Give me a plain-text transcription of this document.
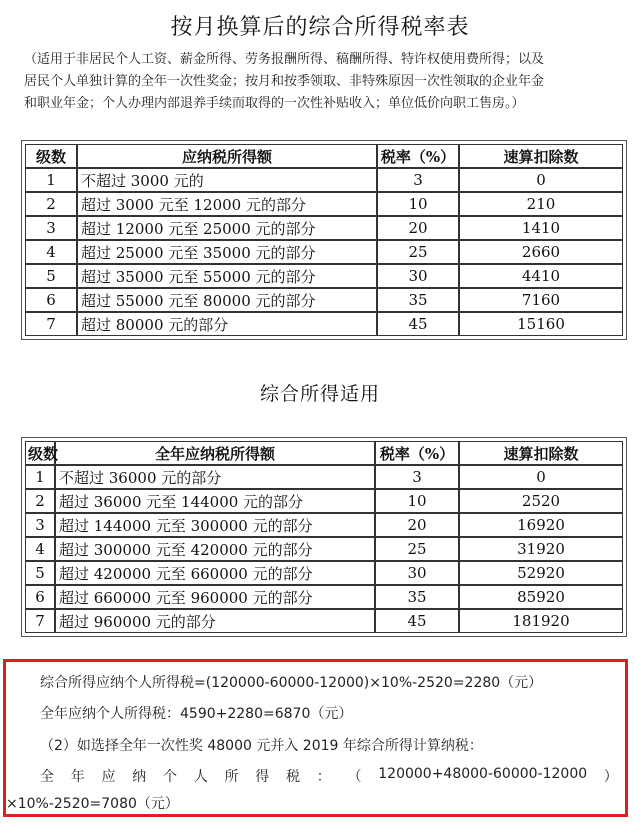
按月换算后的综合所得税率表
（适用于非居民个人工资、薪金所得、劳务报酬所得、稿酬所得、特许权使用费所得；以及
居民个人单独计算的全年一次性奖金；按月和按季领取、非特殊原因一次性领取的企业年金
和职业年金；个人办理内部退养手续而取得的一次性补贴收入；单位低价向职工售房。）
级数	应纳税所得额	税率（%）	速算扣除数
1	不超过 3000 元的	3	0
2	超过 3000 元至 12000 元的部分	10	210
3	超过 12000 元至 25000 元的部分	20	1410
4	超过 25000 元至 35000 元的部分	25	2660
5	超过 35000 元至 55000 元的部分	30	4410
6	超过 55000 元至 80000 元的部分	35	7160
7	超过 80000 元的部分	45	15160
综合所得适用
级数	全年应纳税所得额	税率（%）	速算扣除数
1	不超过 36000 元的部分	3	0
2	超过 36000 元至 144000 元的部分	10	2520
3	超过 144000 元至 300000 元的部分	20	16920
4	超过 300000 元至 420000 元的部分	25	31920
5	超过 420000 元至 660000 元的部分	30	52920
6	超过 660000 元至 960000 元的部分	35	85920
7	超过 960000 元的部分	45	181920
综合所得应纳个人所得税=(120000-60000-12000)×10%-2520=2280（元）
全年应纳个人所得税：4590+2280=6870（元）
（2）如选择全年一次性奖 48000 元并入 2019 年综合所得计算纳税：
全 年 应 纳 个 人 所 得 税 ： （ 120000+48000-60000-12000 ）
×10%-2520=7080（元）
